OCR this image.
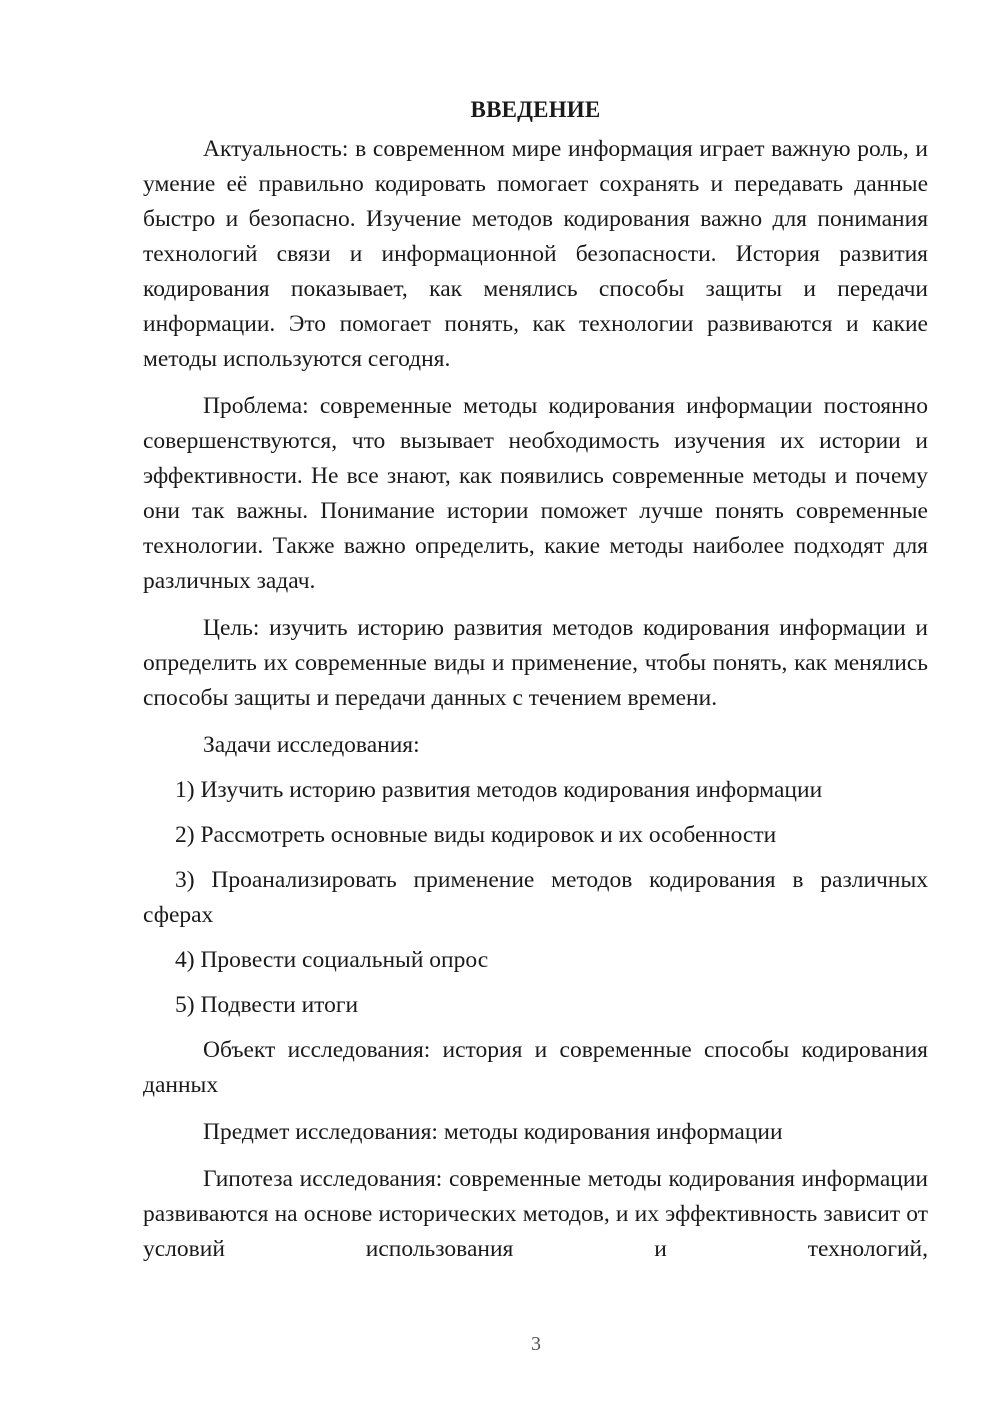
ВВЕДЕНИЕ

Актуальность: в современном мире информация играет важную роль, и умение её правильно кодировать помогает сохранять и передавать данные быстро и безопасно. Изучение методов кодирования важно для понимания технологий связи и информационной безопасности. История развития кодирования показывает, как менялись способы защиты и передачи информации. Это помогает понять, как технологии развиваются и какие методы используются сегодня.

Проблема: современные методы кодирования информации постоянно совершенствуются, что вызывает необходимость изучения их истории и эффективности. Не все знают, как появились современные методы и почему они так важны. Понимание истории поможет лучше понять современные технологии. Также важно определить, какие методы наиболее подходят для различных задач.

Цель: изучить историю развития методов кодирования информации и определить их современные виды и применение, чтобы понять, как менялись способы защиты и передачи данных с течением времени.

Задачи исследования:

1) Изучить историю развития методов кодирования информации

2) Рассмотреть основные виды кодировок и их особенности

3) Проанализировать применение методов кодирования в различных сферах

4) Провести социальный опрос

5) Подвести итоги

Объект исследования: история и современные способы кодирования данных

Предмет исследования: методы кодирования информации

Гипотеза исследования: современные методы кодирования информации развиваются на основе исторических методов, и их эффективность зависит от условий использования и технологий,

3
